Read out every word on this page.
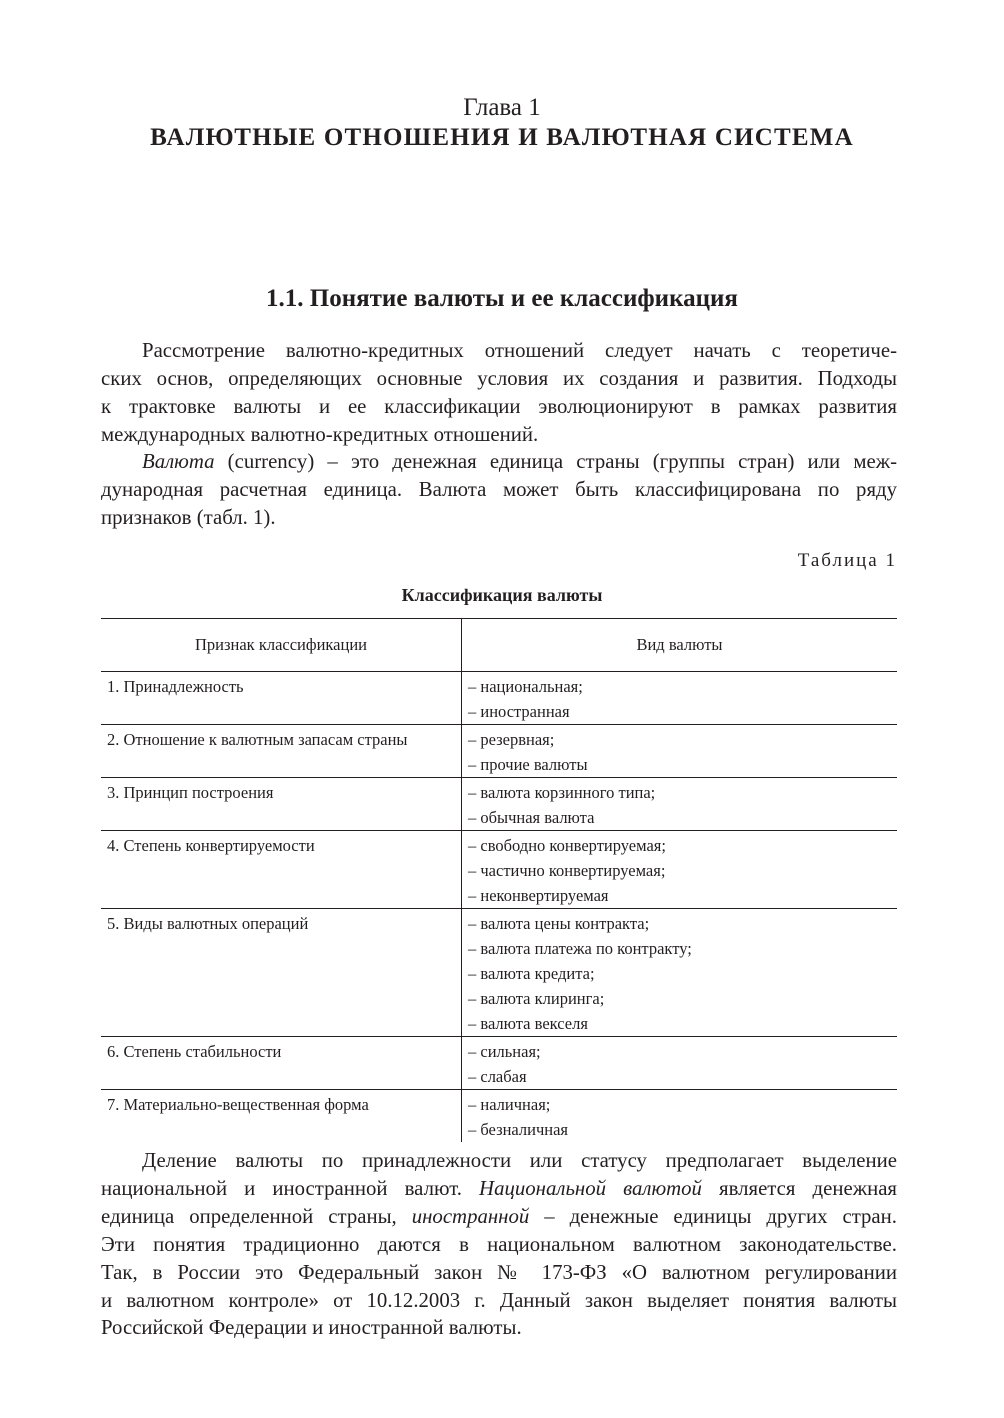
Глава 1
ВАЛЮТНЫЕ ОТНОШЕНИЯ И ВАЛЮТНАЯ СИСТЕМА
1.1. Понятие валюты и ее классификация
Рассмотрение валютно-кредитных отношений следует начать с теоретиче-
ских основ, определяющих основные условия их создания и развития. Подходы
к трактовке валюты и ее классификации эволюционируют в рамках развития
международных валютно-кредитных отношений.
Валюта (currency) – это денежная единица страны (группы стран) или меж-
дународная расчетная единица. Валюта может быть классифицирована по ряду
признаков (табл. 1).
Таблица 1
Классификация валюты
Признак классификации	Вид валюты
1. Принадлежность	– национальная;
– иностранная

2. Отношение к валютным запасам страны	– резервная;
– прочие валюты

3. Принцип построения	– валюта корзинного типа;
– обычная валюта

4. Степень конвертируемости	– свободно конвертируемая;
– частично конвертируемая;
– неконвертируемая

5. Виды валютных операций	– валюта цены контракта;
– валюта платежа по контракту;
– валюта кредита;
– валюта клиринга;
– валюта векселя

6. Степень стабильности	– сильная;
– слабая

7. Материально-вещественная форма	– наличная;
– безналичная
Деление валюты по принадлежности или статусу предполагает выделение
национальной и иностранной валют. Национальной валютой является денежная
единица определенной страны, иностранной – денежные единицы других стран.
Эти понятия традиционно даются в национальном валютном законодательстве.
Так, в России это Федеральный закон № 173-ФЗ «О валютном регулировании
и валютном контроле» от 10.12.2003 г. Данный закон выделяет понятия валюты
Российской Федерации и иностранной валюты.
